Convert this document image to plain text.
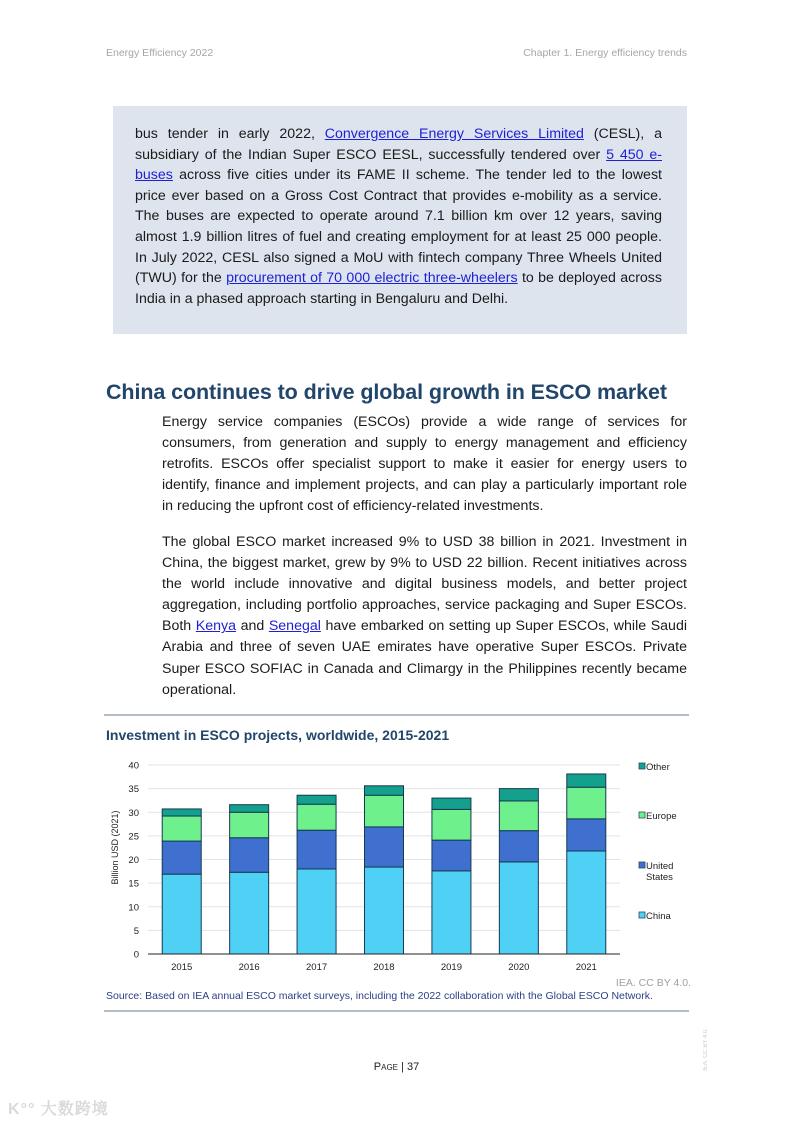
Energy Efficiency 2022	Chapter 1. Energy efficiency trends
bus tender in early 2022, Convergence Energy Services Limited (CESL), a subsidiary of the Indian Super ESCO EESL, successfully tendered over 5 450 e-buses across five cities under its FAME II scheme. The tender led to the lowest price ever based on a Gross Cost Contract that provides e-mobility as a service. The buses are expected to operate around 7.1 billion km over 12 years, saving almost 1.9 billion litres of fuel and creating employment for at least 25 000 people. In July 2022, CESL also signed a MoU with fintech company Three Wheels United (TWU) for the procurement of 70 000 electric three-wheelers to be deployed across India in a phased approach starting in Bengaluru and Delhi.
China continues to drive global growth in ESCO market
Energy service companies (ESCOs) provide a wide range of services for consumers, from generation and supply to energy management and efficiency retrofits. ESCOs offer specialist support to make it easier for energy users to identify, finance and implement projects, and can play a particularly important role in reducing the upfront cost of efficiency-related investments.
The global ESCO market increased 9% to USD 38 billion in 2021. Investment in China, the biggest market, grew by 9% to USD 22 billion. Recent initiatives across the world include innovative and digital business models, and better project aggregation, including portfolio approaches, service packaging and Super ESCOs. Both Kenya and Senegal have embarked on setting up Super ESCOs, while Saudi Arabia and three of seven UAE emirates have operative Super ESCOs. Private Super ESCO SOFIAC in Canada and Climargy in the Philippines recently became operational.
Investment in ESCO projects, worldwide, 2015-2021
0
5
10
15
20
25
30
35
40
Billion USD (2021)
2015	2016	2017	2018	2019	2020	2021
Other
Europe
United
States
China
IEA. CC BY 4.0.
Source: Based on IEA annual ESCO market surveys, including the 2022 collaboration with the Global ESCO Network.
Page | 37	IEA. CC BY 4.0.
K°° 大数跨境
